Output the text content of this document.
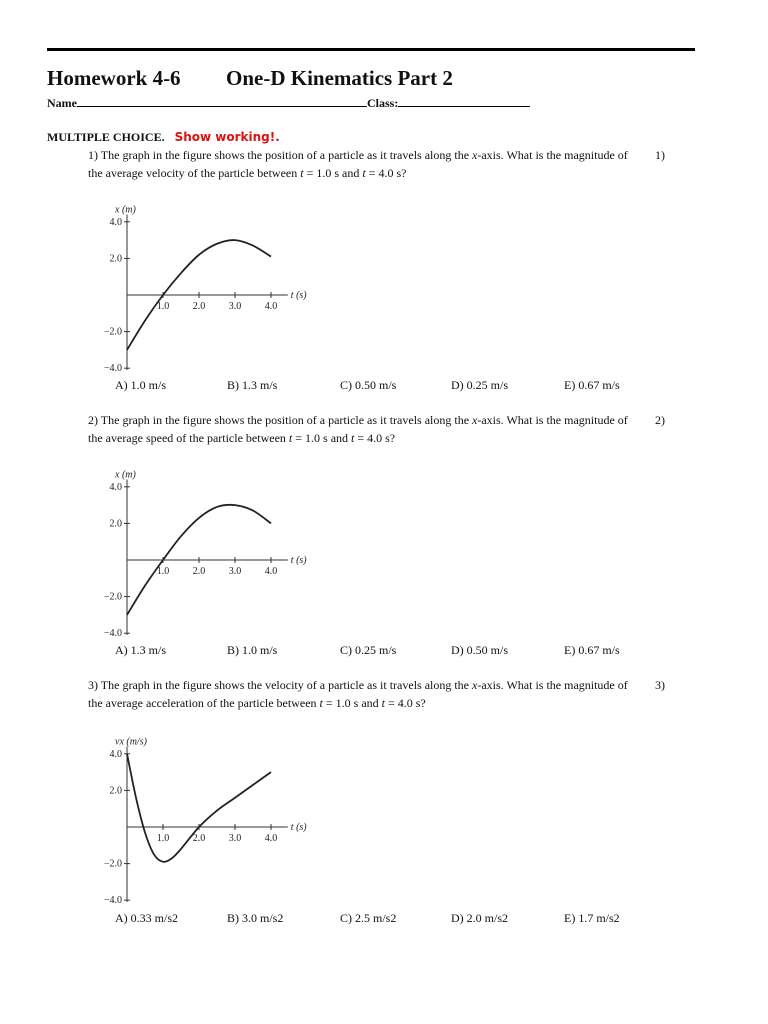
Homework 4-6 One-D Kinematics Part 2
Name	Class:
MULTIPLE CHOICE. Show working!.
1) The graph in the figure shows the position of a particle as it travels along the x-axis. What is the magnitude of the average velocity of the particle between t = 1.0 s and t = 4.0 s?
1)
x (m)
t (s)
1.0 2.0 3.0 4.0
4.0
2.0
−2.0
−4.0
A) 1.0 m/s	B) 1.3 m/s	C) 0.50 m/s	D) 0.25 m/s	E) 0.67 m/s
2) The graph in the figure shows the position of a particle as it travels along the x-axis. What is the magnitude of the average speed of the particle between t = 1.0 s and t = 4.0 s?
2)
x (m)
t (s)
1.0 2.0 3.0 4.0
4.0
2.0
−2.0
−4.0
A) 1.3 m/s	B) 1.0 m/s	C) 0.25 m/s	D) 0.50 m/s	E) 0.67 m/s
3) The graph in the figure shows the velocity of a particle as it travels along the x-axis. What is the magnitude of the average acceleration of the particle between t = 1.0 s and t = 4.0 s?
3)
vx (m/s)
t (s)
1.0 2.0 3.0 4.0
4.0
2.0
−2.0
−4.0
A) 0.33 m/s2	B) 3.0 m/s2	C) 2.5 m/s2	D) 2.0 m/s2	E) 1.7 m/s2
